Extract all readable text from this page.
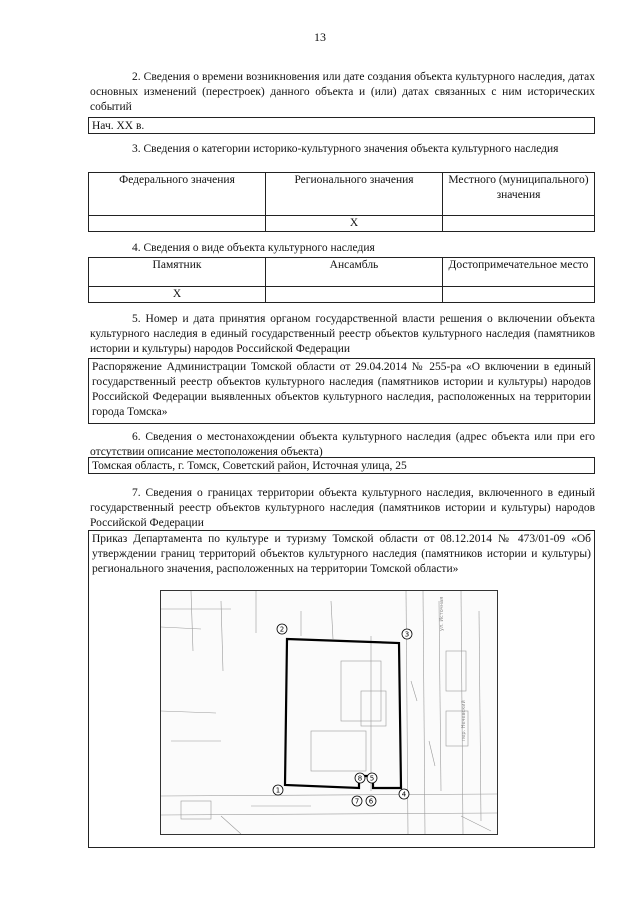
13

2. Сведения о времени возникновения или дате создания объекта культурного наследия, датах основных изменений (перестроек) данного объекта и (или) датах связанных с ним исторических событий

Нач. XX в.

3. Сведения о категории историко-культурного значения объекта культурного наследия

Федерального значения	Регионального значения	Местного (муниципального) значения
	Х	

4. Сведения о виде объекта культурного наследия

Памятник	Ансамбль	Достопримечательное место
Х		

5. Номер и дата принятия органом государственной власти решения о включении объекта культурного наследия в единый государственный реестр объектов культурного наследия (памятников истории и культуры) народов Российской Федерации

Распоряжение Администрации Томской области от 29.04.2014 № 255-ра «О включении в единый государственный реестр объектов культурного наследия (памятников истории и культуры) народов Российской Федерации выявленных объектов культурного наследия, расположенных на территории города Томска»

6. Сведения о местонахождении объекта культурного наследия (адрес объекта или при его отсутствии описание местоположения объекта)

Томская область, г. Томск, Советский район, Источная улица, 25

7. Сведения о границах территории объекта культурного наследия, включенного в единый государственный реестр объектов культурного наследия (памятников истории и культуры) народов Российской Федерации

Приказ Департамента по культуре и туризму Томской области от 08.12.2014 № 473/01-09 «Об утверждении границ территорий объектов культурного наследия (памятников истории и культуры) регионального значения, расположенных на территории Томской области»
ул. Источная
пер. Нечевский
2
3
8 5
4
1
7 6
